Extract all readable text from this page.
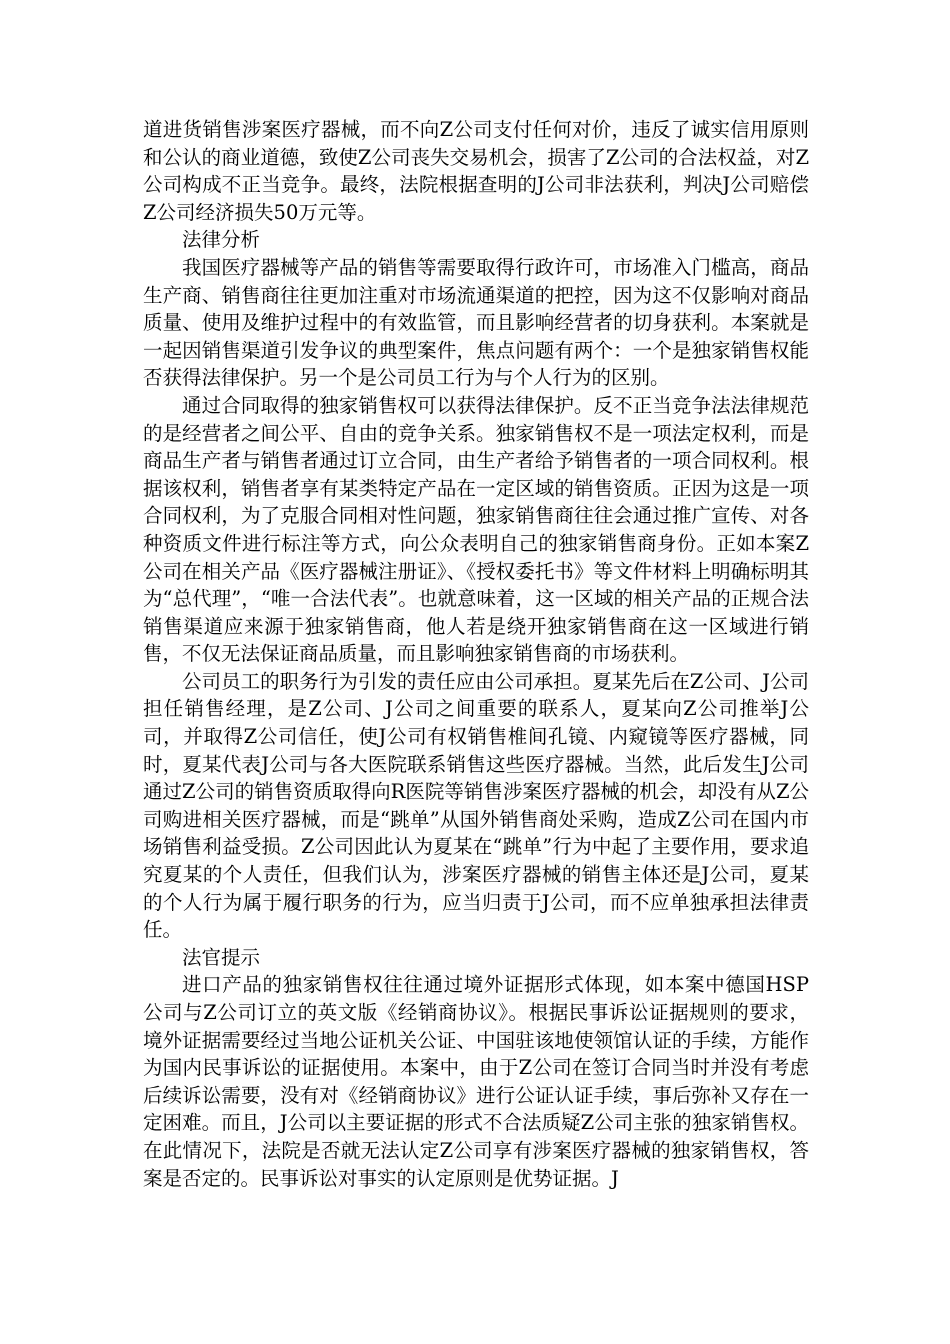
道进货销售涉案医疗器械，而不向Z公司支付任何对价，违反了诚实信用原则和公认的商业道德，致使Z公司丧失交易机会，损害了Z公司的合法权益，对Z公司构成不正当竞争。最终，法院根据查明的J公司非法获利，判决J公司赔偿Z公司经济损失50万元等。

法律分析

我国医疗器械等产品的销售等需要取得行政许可，市场准入门槛高，商品生产商、销售商往往更加注重对市场流通渠道的把控，因为这不仅影响对商品质量、使用及维护过程中的有效监管，而且影响经营者的切身获利。本案就是一起因销售渠道引发争议的典型案件，焦点问题有两个：一个是独家销售权能否获得法律保护。另一个是公司员工行为与个人行为的区别。

通过合同取得的独家销售权可以获得法律保护。反不正当竞争法法律规范的是经营者之间公平、自由的竞争关系。独家销售权不是一项法定权利，而是商品生产者与销售者通过订立合同，由生产者给予销售者的一项合同权利。根据该权利，销售者享有某类特定产品在一定区域的销售资质。正因为这是一项合同权利，为了克服合同相对性问题，独家销售商往往会通过推广宣传、对各种资质文件进行标注等方式，向公众表明自己的独家销售商身份。正如本案Z公司在相关产品《医疗器械注册证》、《授权委托书》等文件材料上明确标明其为“总代理”，“唯一合法代表”。也就意味着，这一区域的相关产品的正规合法销售渠道应来源于独家销售商，他人若是绕开独家销售商在这一区域进行销售，不仅无法保证商品质量，而且影响独家销售商的市场获利。

公司员工的职务行为引发的责任应由公司承担。夏某先后在Z公司、J公司担任销售经理，是Z公司、J公司之间重要的联系人，夏某向Z公司推举J公司，并取得Z公司信任，使J公司有权销售椎间孔镜、内窥镜等医疗器械，同时，夏某代表J公司与各大医院联系销售这些医疗器械。当然，此后发生J公司通过Z公司的销售资质取得向R医院等销售涉案医疗器械的机会，却没有从Z公司购进相关医疗器械，而是“跳单”从国外销售商处采购，造成Z公司在国内市场销售利益受损。Z公司因此认为夏某在“跳单”行为中起了主要作用，要求追究夏某的个人责任，但我们认为，涉案医疗器械的销售主体还是J公司，夏某的个人行为属于履行职务的行为，应当归责于J公司，而不应单独承担法律责任。

法官提示

进口产品的独家销售权往往通过境外证据形式体现，如本案中德国HSP公司与Z公司订立的英文版《经销商协议》。根据民事诉讼证据规则的要求，境外证据需要经过当地公证机关公证、中国驻该地使领馆认证的手续，方能作为国内民事诉讼的证据使用。本案中，由于Z公司在签订合同当时并没有考虑后续诉讼需要，没有对《经销商协议》进行公证认证手续，事后弥补又存在一定困难。而且，J公司以主要证据的形式不合法质疑Z公司主张的独家销售权。在此情况下，法院是否就无法认定Z公司享有涉案医疗器械的独家销售权，答案是否定的。民事诉讼对事实的认定原则是优势证据。J
